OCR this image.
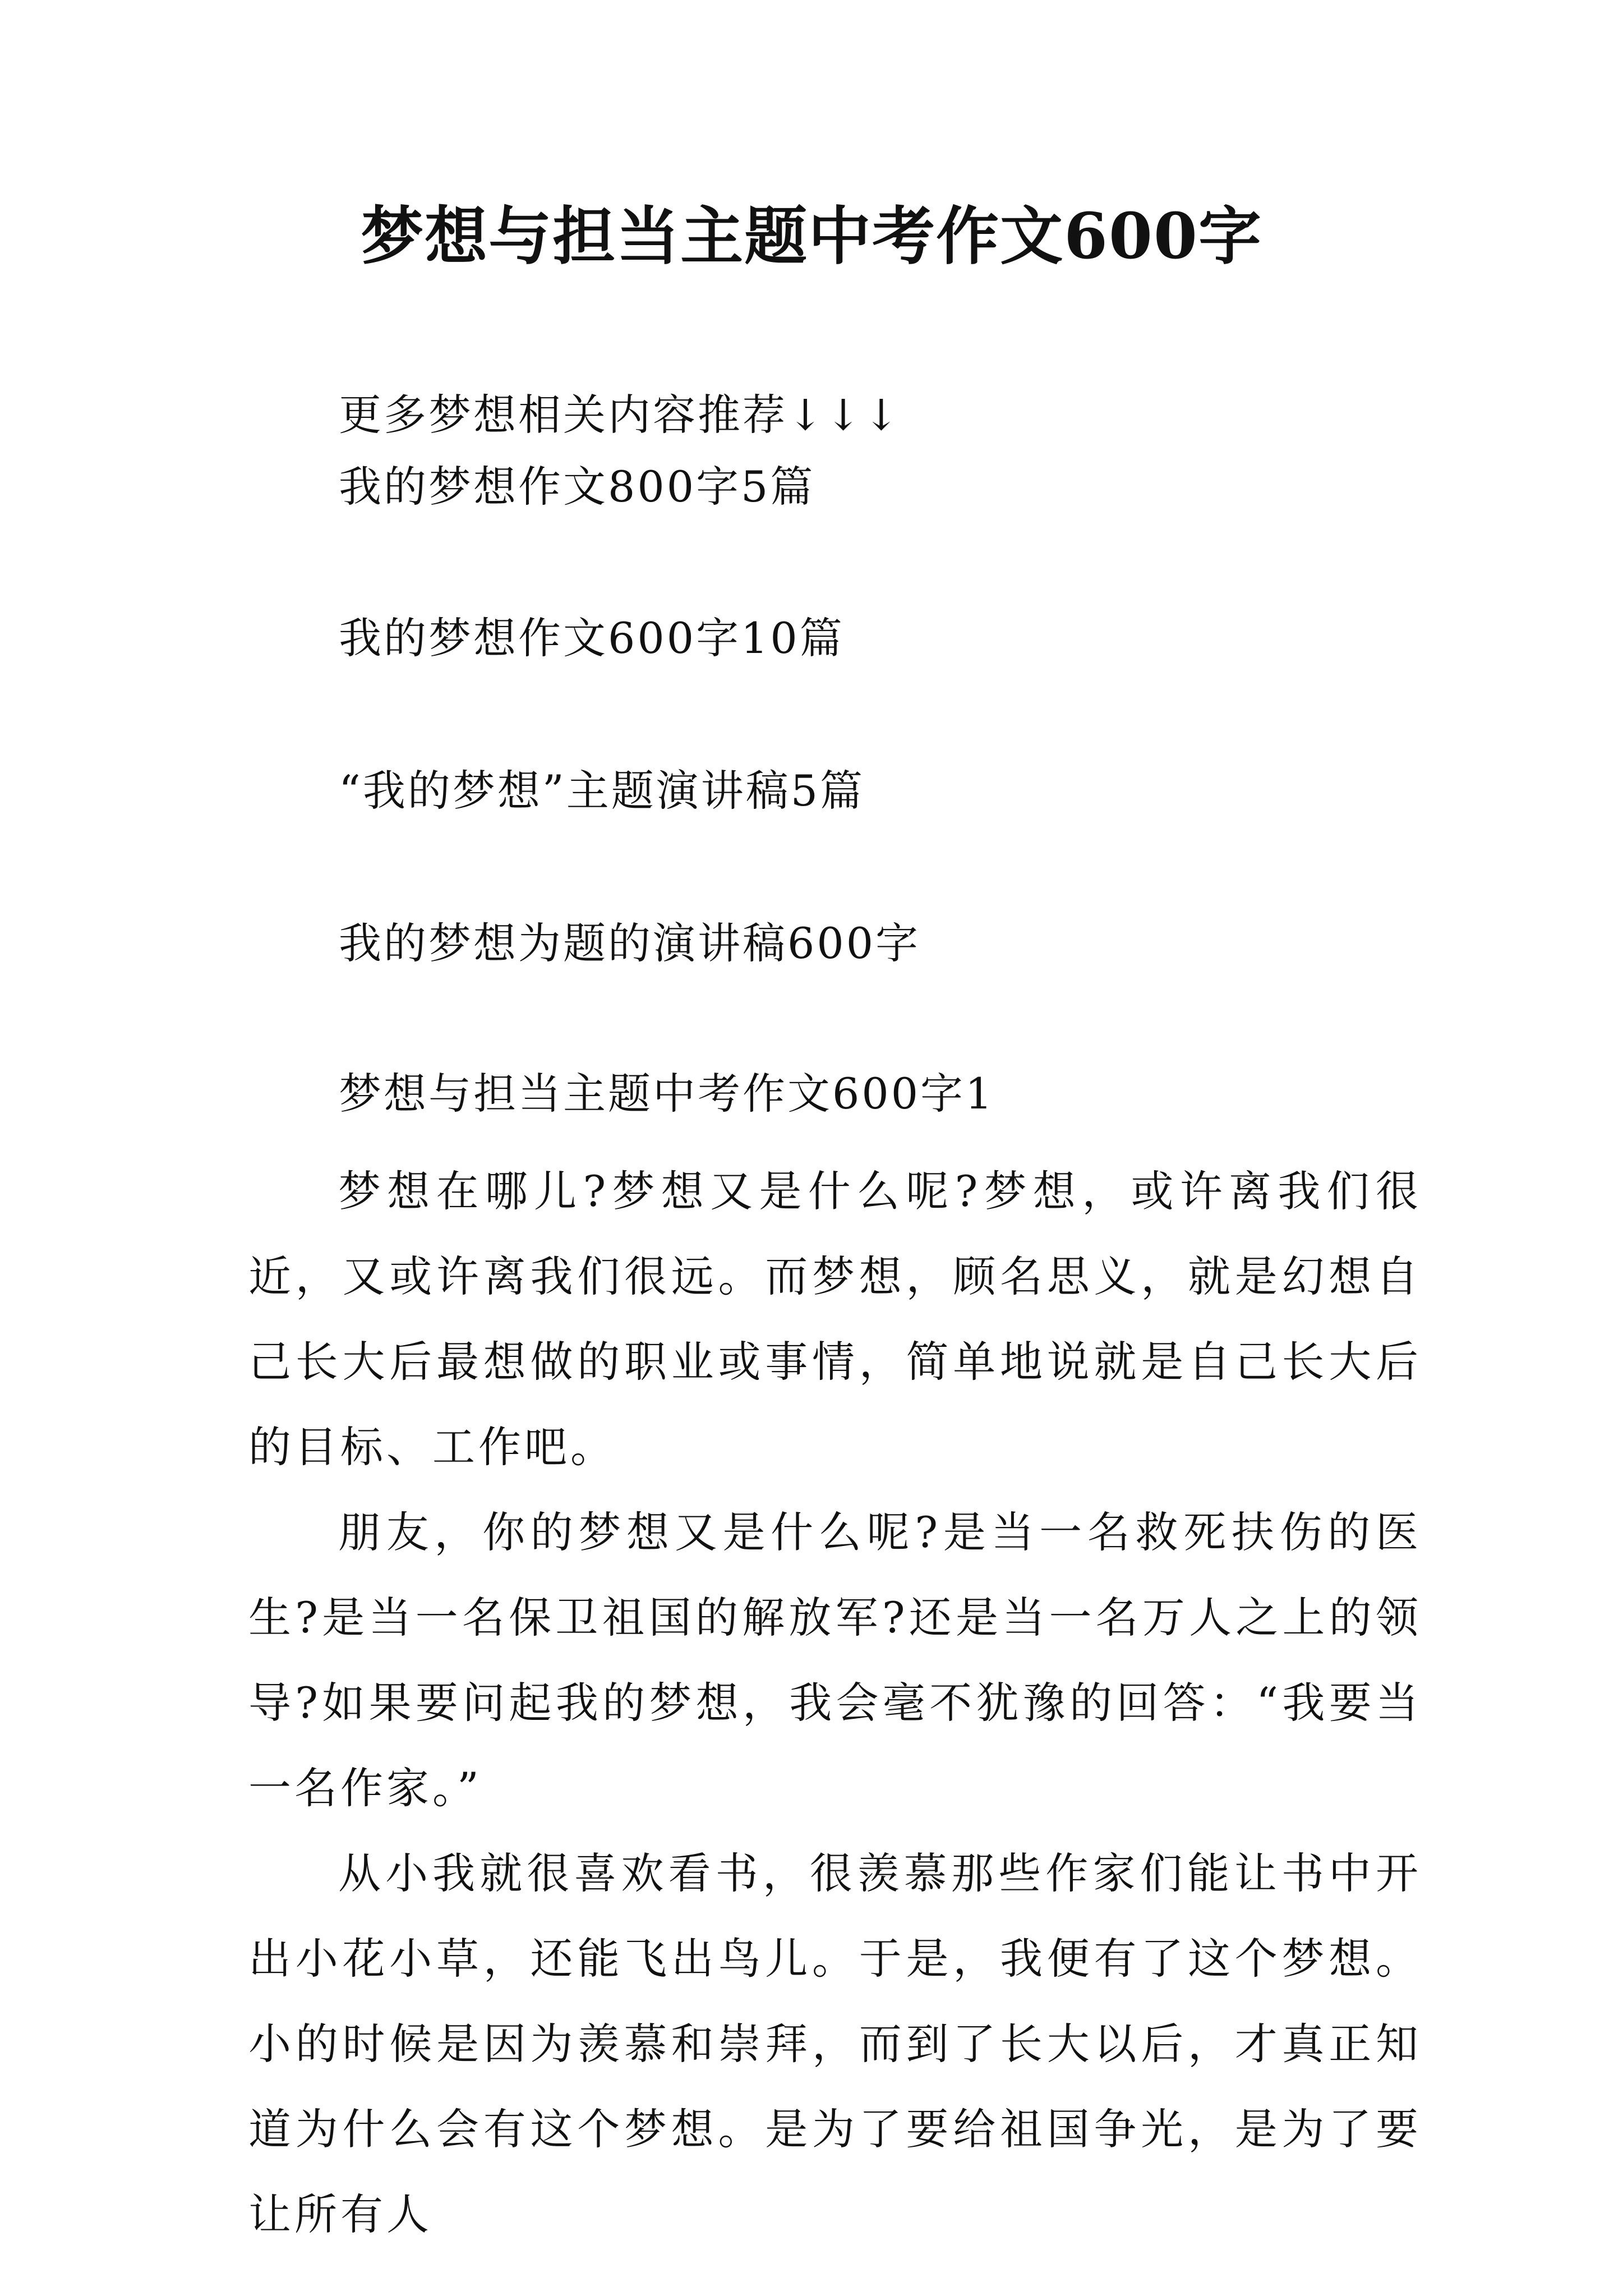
梦想与担当主题中考作文600字
更多梦想相关内容推荐↓↓↓
我的梦想作文800字5篇
我的梦想作文600字10篇
“我的梦想”主题演讲稿5篇
我的梦想为题的演讲稿600字
梦想与担当主题中考作文600字1

梦想在哪儿?梦想又是什么呢?梦想，或许离我们很近，又或许离我们很远。而梦想，顾名思义，就是幻想自己长大后最想做的职业或事情，简单地说就是自己长大后的目标、工作吧。

朋友，你的梦想又是什么呢?是当一名救死扶伤的医生?是当一名保卫祖国的解放军?还是当一名万人之上的领导?如果要问起我的梦想，我会毫不犹豫的回答：“我要当一名作家。”

从小我就很喜欢看书，很羡慕那些作家们能让书中开出小花小草，还能飞出鸟儿。于是，我便有了这个梦想。小的时候是因为羡慕和崇拜，而到了长大以后，才真正知道为什么会有这个梦想。是为了要给祖国争光，是为了要让所有人
